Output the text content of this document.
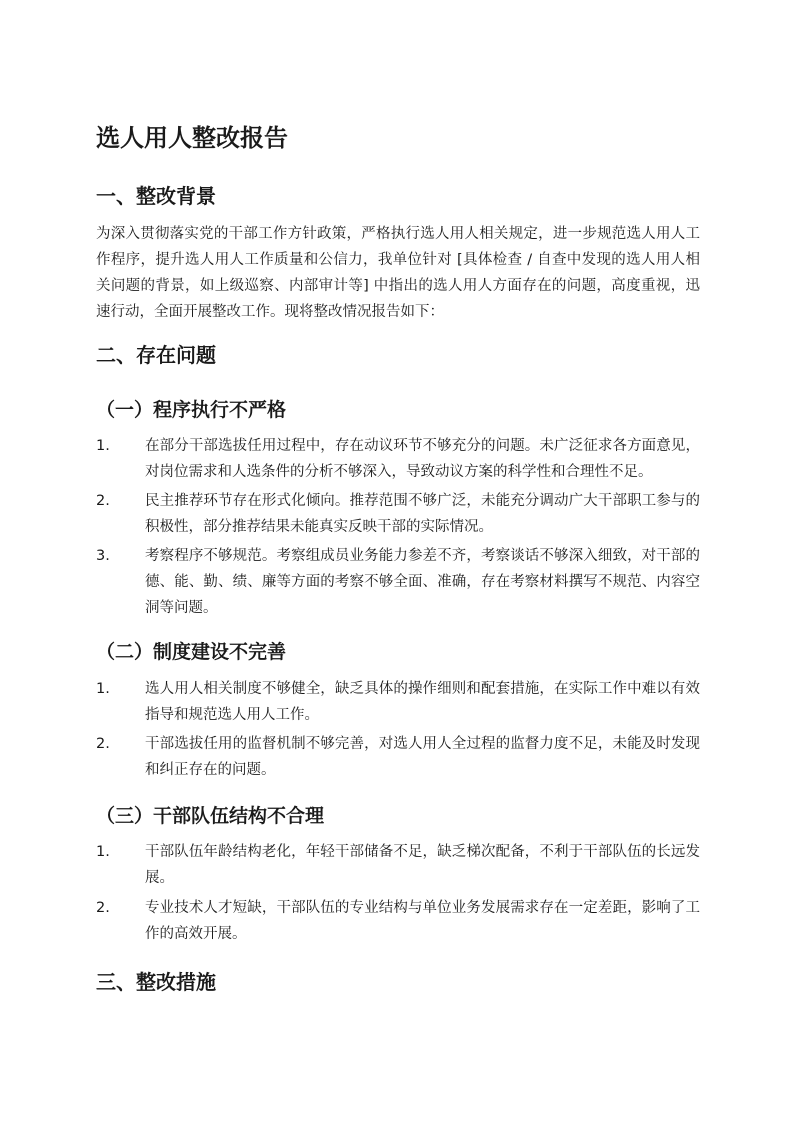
选人用人整改报告
一、整改背景

为深入贯彻落实党的干部工作方针政策，严格执行选人用人相关规定，进一步规范选人用人工作程序，提升选人用人工作质量和公信力，我单位针对 [具体检查 / 自查中发现的选人用人相关问题的背景，如上级巡察、内部审计等] 中指出的选人用人方面存在的问题，高度重视，迅速行动，全面开展整改工作。现将整改情况报告如下：

二、存在问题
（一）程序执行不严格
1. 在部分干部选拔任用过程中，存在动议环节不够充分的问题。未广泛征求各方面意见，对岗位需求和人选条件的分析不够深入，导致动议方案的科学性和合理性不足。

2. 民主推荐环节存在形式化倾向。推荐范围不够广泛，未能充分调动广大干部职工参与的积极性，部分推荐结果未能真实反映干部的实际情况。

3. 考察程序不够规范。考察组成员业务能力参差不齐，考察谈话不够深入细致，对干部的德、能、勤、绩、廉等方面的考察不够全面、准确，存在考察材料撰写不规范、内容空洞等问题。

（二）制度建设不完善
1. 选人用人相关制度不够健全，缺乏具体的操作细则和配套措施，在实际工作中难以有效指导和规范选人用人工作。

2. 干部选拔任用的监督机制不够完善，对选人用人全过程的监督力度不足，未能及时发现和纠正存在的问题。

（三）干部队伍结构不合理
1. 干部队伍年龄结构老化，年轻干部储备不足，缺乏梯次配备，不利于干部队伍的长远发展。

2. 专业技术人才短缺，干部队伍的专业结构与单位业务发展需求存在一定差距，影响了工作的高效开展。

三、整改措施
